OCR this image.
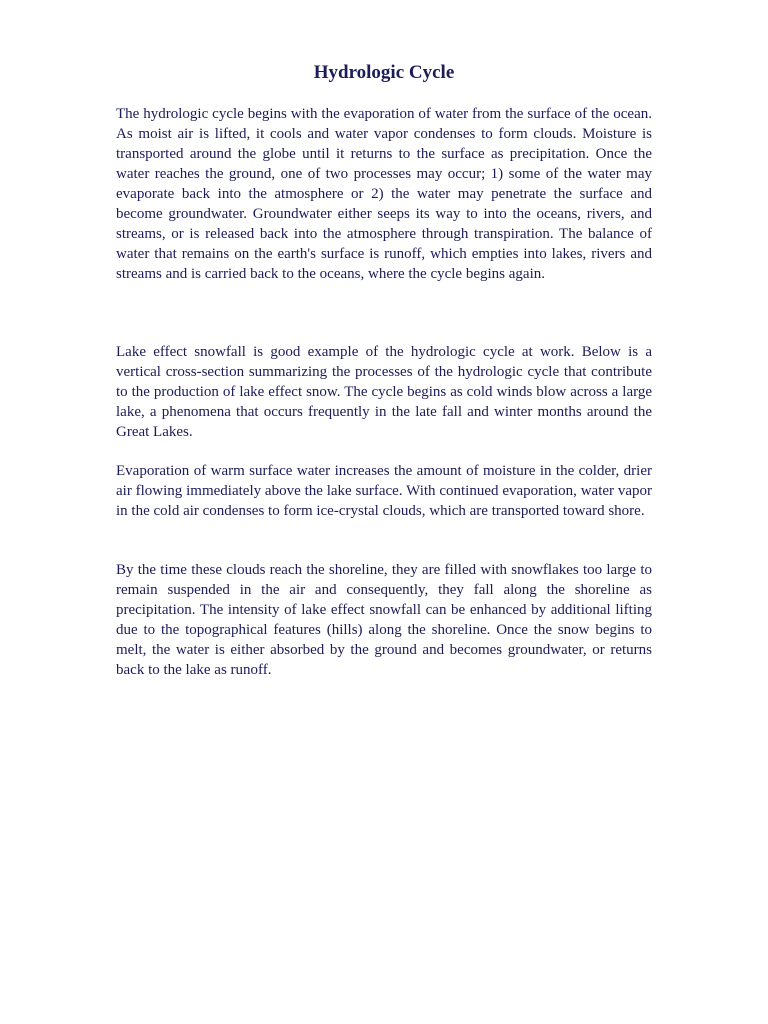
Hydrologic Cycle

The hydrologic cycle begins with the evaporation of water from the surface of the ocean. As moist air is lifted, it cools and water vapor condenses to form clouds. Moisture is transported around the globe until it returns to the surface as precipitation. Once the water reaches the ground, one of two processes may occur; 1) some of the water may evaporate back into the atmosphere or 2) the water may penetrate the surface and become groundwater. Groundwater either seeps its way to into the oceans, rivers, and streams, or is released back into the atmosphere through transpiration. The balance of water that remains on the earth's surface is runoff, which empties into lakes, rivers and streams and is carried back to the oceans, where the cycle begins again.

Lake effect snowfall is good example of the hydrologic cycle at work. Below is a vertical cross-section summarizing the processes of the hydrologic cycle that contribute to the production of lake effect snow. The cycle begins as cold winds blow across a large lake, a phenomena that occurs frequently in the late fall and winter months around the Great Lakes.

Evaporation of warm surface water increases the amount of moisture in the colder, drier air flowing immediately above the lake surface. With continued evaporation, water vapor in the cold air condenses to form ice-crystal clouds, which are transported toward shore.

By the time these clouds reach the shoreline, they are filled with snowflakes too large to remain suspended in the air and consequently, they fall along the shoreline as precipitation. The intensity of lake effect snowfall can be enhanced by additional lifting due to the topographical features (hills) along the shoreline. Once the snow begins to melt, the water is either absorbed by the ground and becomes groundwater, or returns back to the lake as runoff.
